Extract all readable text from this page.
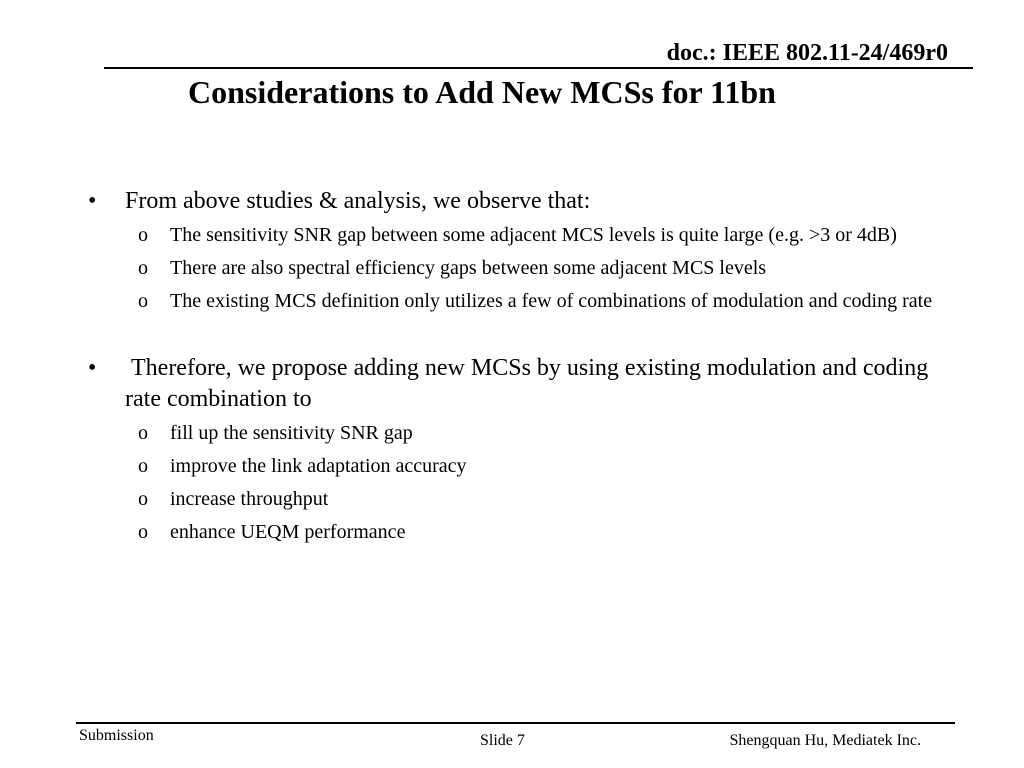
doc.: IEEE 802.11-24/469r0
Considerations to Add New MCSs for 11bn

• From above studies & analysis, we observe that:

o The sensitivity SNR gap between some adjacent MCS levels is quite large (e.g. >3 or 4dB)
o There are also spectral efficiency gaps between some adjacent MCS levels
o The existing MCS definition only utilizes a few of combinations of modulation and coding rate

• Therefore, we propose adding new MCSs by using existing modulation and coding rate combination to

o fill up the sensitivity SNR gap
o improve the link adaptation accuracy
o increase throughput
o enhance UEQM performance
Submission	Slide 7	Shengquan Hu, Mediatek Inc.
